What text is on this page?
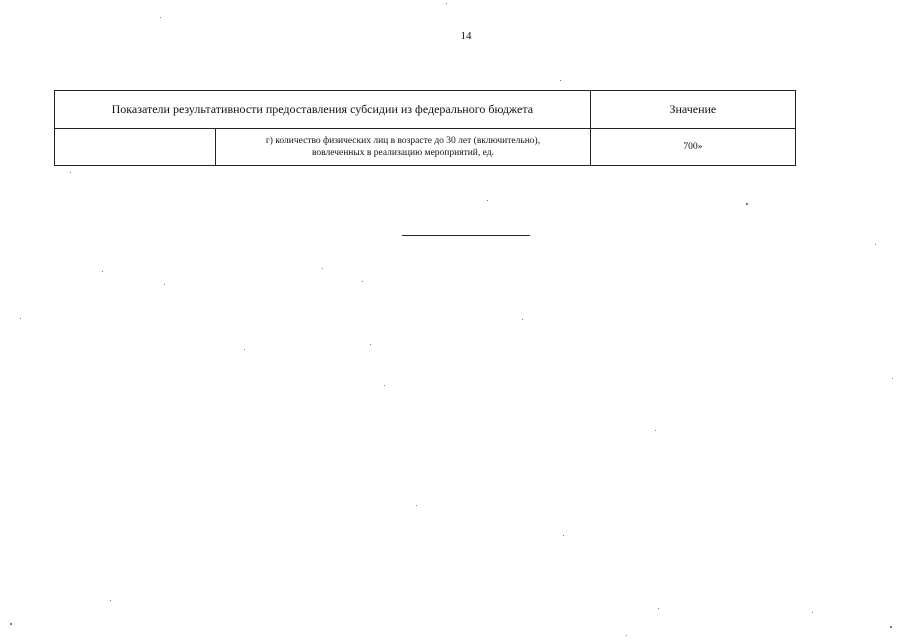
14
Показатели результативности предоставления субсидии из федерального бюджета		Значение

	г) количество физических лиц в возрасте до 30 лет (включительно),
вовлеченных в реализацию мероприятий, ед.	700»
